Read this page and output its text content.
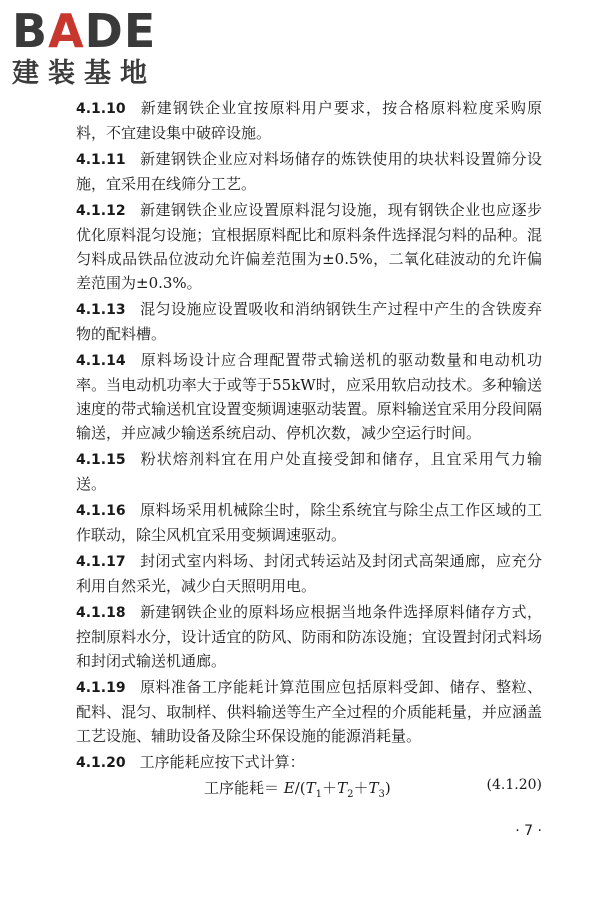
BADE
建装基地

4.1.10 新建钢铁企业宜按原料用户要求，按合格原料粒度采购原料，不宜建设集中破碎设施。

4.1.11 新建钢铁企业应对料场储存的炼铁使用的块状料设置筛分设施，宜采用在线筛分工艺。

4.1.12 新建钢铁企业应设置原料混匀设施，现有钢铁企业也应逐步优化原料混匀设施；宜根据原料配比和原料条件选择混匀料的品种。混匀料成品铁品位波动允许偏差范围为±0.5%，二氧化硅波动的允许偏差范围为±0.3%。

4.1.13 混匀设施应设置吸收和消纳钢铁生产过程中产生的含铁废弃物的配料槽。

4.1.14 原料场设计应合理配置带式输送机的驱动数量和电动机功率。当电动机功率大于或等于55kW时，应采用软启动技术。多种输送速度的带式输送机宜设置变频调速驱动装置。原料输送宜采用分段间隔输送，并应减少输送系统启动、停机次数，减少空运行时间。

4.1.15 粉状熔剂料宜在用户处直接受卸和储存，且宜采用气力输送。

4.1.16 原料场采用机械除尘时，除尘系统宜与除尘点工作区域的工作联动，除尘风机宜采用变频调速驱动。

4.1.17 封闭式室内料场、封闭式转运站及封闭式高架通廊，应充分利用自然采光，减少白天照明用电。

4.1.18 新建钢铁企业的原料场应根据当地条件选择原料储存方式，控制原料水分，设计适宜的防风、防雨和防冻设施；宜设置封闭式料场和封闭式输送机通廊。

4.1.19 原料准备工序能耗计算范围应包括原料受卸、储存、整粒、配料、混匀、取制样、供料输送等生产全过程的介质能耗量，并应涵盖工艺设施、辅助设备及除尘环保设施的能源消耗量。

4.1.20 工序能耗应按下式计算：

工序能耗＝ $E/(T_1+T_2+T_3)$	(4.1.20)
· 7 ·
